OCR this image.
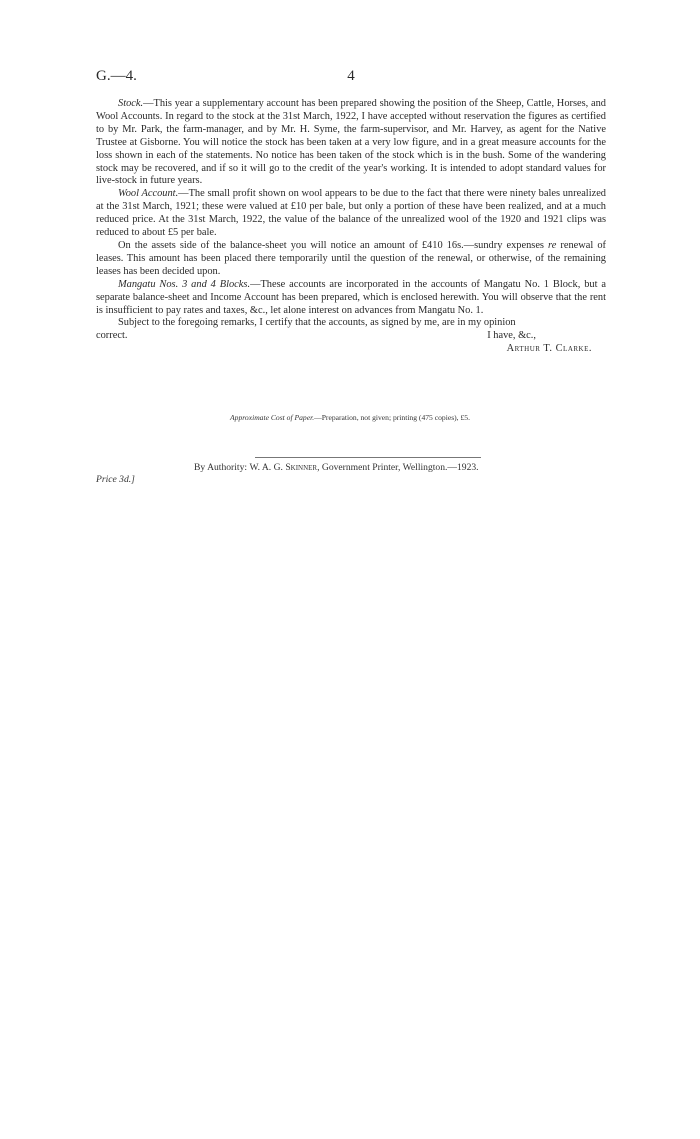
G.—4.	4

Stock.—This year a supplementary account has been prepared showing the position of the Sheep, Cattle, Horses, and Wool Accounts. In regard to the stock at the 31st March, 1922, I have accepted without reservation the figures as certified to by Mr. Park, the farm-manager, and by Mr. H. Syme, the farm-supervisor, and Mr. Harvey, as agent for the Native Trustee at Gisborne. You will notice the stock has been taken at a very low figure, and in a great measure accounts for the loss shown in each of the statements. No notice has been taken of the stock which is in the bush. Some of the wandering stock may be recovered, and if so it will go to the credit of the year's working. It is intended to adopt standard values for live-stock in future years.

Wool Account.—The small profit shown on wool appears to be due to the fact that there were ninety bales unrealized at the 31st March, 1921; these were valued at £10 per bale, but only a portion of these have been realized, and at a much reduced price. At the 31st March, 1922, the value of the balance of the unrealized wool of the 1920 and 1921 clips was reduced to about £5 per bale.

On the assets side of the balance-sheet you will notice an amount of £410 16s.—sundry expenses re renewal of leases. This amount has been placed there temporarily until the question of the renewal, or otherwise, of the remaining leases has been decided upon.

Mangatu Nos. 3 and 4 Blocks.—These accounts are incorporated in the accounts of Mangatu No. 1 Block, but a separate balance-sheet and Income Account has been prepared, which is enclosed herewith. You will observe that the rent is insufficient to pay rates and taxes, &c., let alone interest on advances from Mangatu No. 1.

Subject to the foregoing remarks, I certify that the accounts, as signed by me, are in my opinion

correct.	I have, &c.,
Arthur T. Clarke.
Approximate Cost of Paper.—Preparation, not given; printing (475 copies), £5.
By Authority: W. A. G. Skinner, Government Printer, Wellington.—1923.
Price 3d.]
